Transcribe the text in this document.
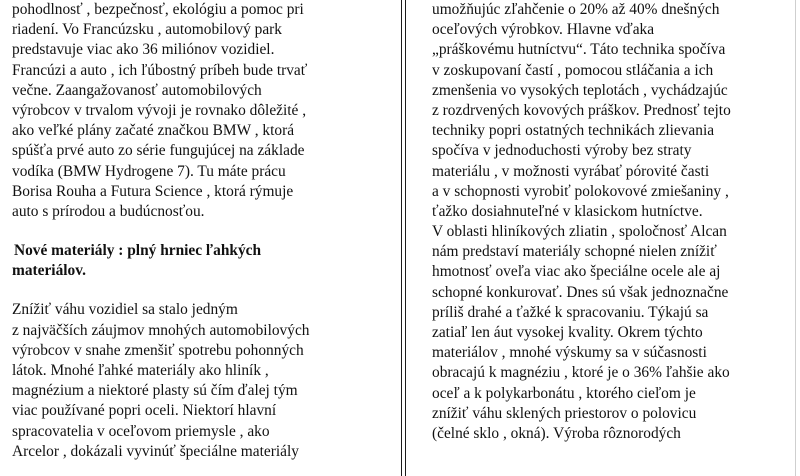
pohodlnosť , bezpečnosť, ekológiu a pomoc pri
riadení. Vo Francúzsku , automobilový park
predstavuje viac ako 36 miliónov vozidiel.
Francúzi a auto , ich ľúbostný príbeh bude trvať
večne. Zaangažovanosť automobilových
výrobcov v trvalom vývoji je rovnako dôležité ,
ako veľké plány začaté značkou BMW , ktorá
spúšťa prvé auto zo série fungujúcej na základe
vodíka (BMW Hydrogene 7). Tu máte prácu
Borisa Rouha a Futura Science , ktorá rýmuje
auto s prírodou a budúcnosťou.
Nové materiály : plný hrniec ľahkých
materiálov.
Znížiť váhu vozidiel sa stalo jedným
z najväčších záujmov mnohých automobilových
výrobcov v snahe zmenšiť spotrebu pohonných
látok. Mnohé ľahké materiály ako hliník ,
magnézium a niektoré plasty sú čím ďalej tým
viac používané popri oceli. Niektorí hlavní
spracovatelia v oceľovom priemysle , ako
Arcelor , dokázali vyvinúť špeciálne materiály
umožňujúc zľahčenie o 20% až 40% dnešných
oceľových výrobkov. Hlavne vďaka
„práškovému hutníctvu“. Táto technika spočíva
v zoskupovaní častí , pomocou stláčania a ich
zmenšenia vo vysokých teplotách , vychádzajúc
z rozdrvených kovových práškov. Prednosť tejto
techniky popri ostatných technikách zlievania
spočíva v jednoduchosti výroby bez straty
materiálu , v možnosti vyrábať pórovité časti
a v schopnosti vyrobiť polokovové zmiešaniny ,
ťažko dosiahnuteľné v klasickom hutníctve.
V oblasti hliníkových zliatin , spoločnosť Alcan
nám predstaví materiály schopné nielen znížiť
hmotnosť oveľa viac ako špeciálne ocele ale aj
schopné konkurovať. Dnes sú však jednoznačne
príliš drahé a ťažké k spracovaniu. Týkajú sa
zatiaľ len áut vysokej kvality. Okrem týchto
materiálov , mnohé výskumy sa v súčasnosti
obracajú k magnéziu , ktoré je o 36% ľahšie ako
oceľ a k polykarbonátu , ktorého cieľom je
znížiť váhu sklených priestorov o polovicu
(čelné sklo , okná). Výroba rôznorodých
